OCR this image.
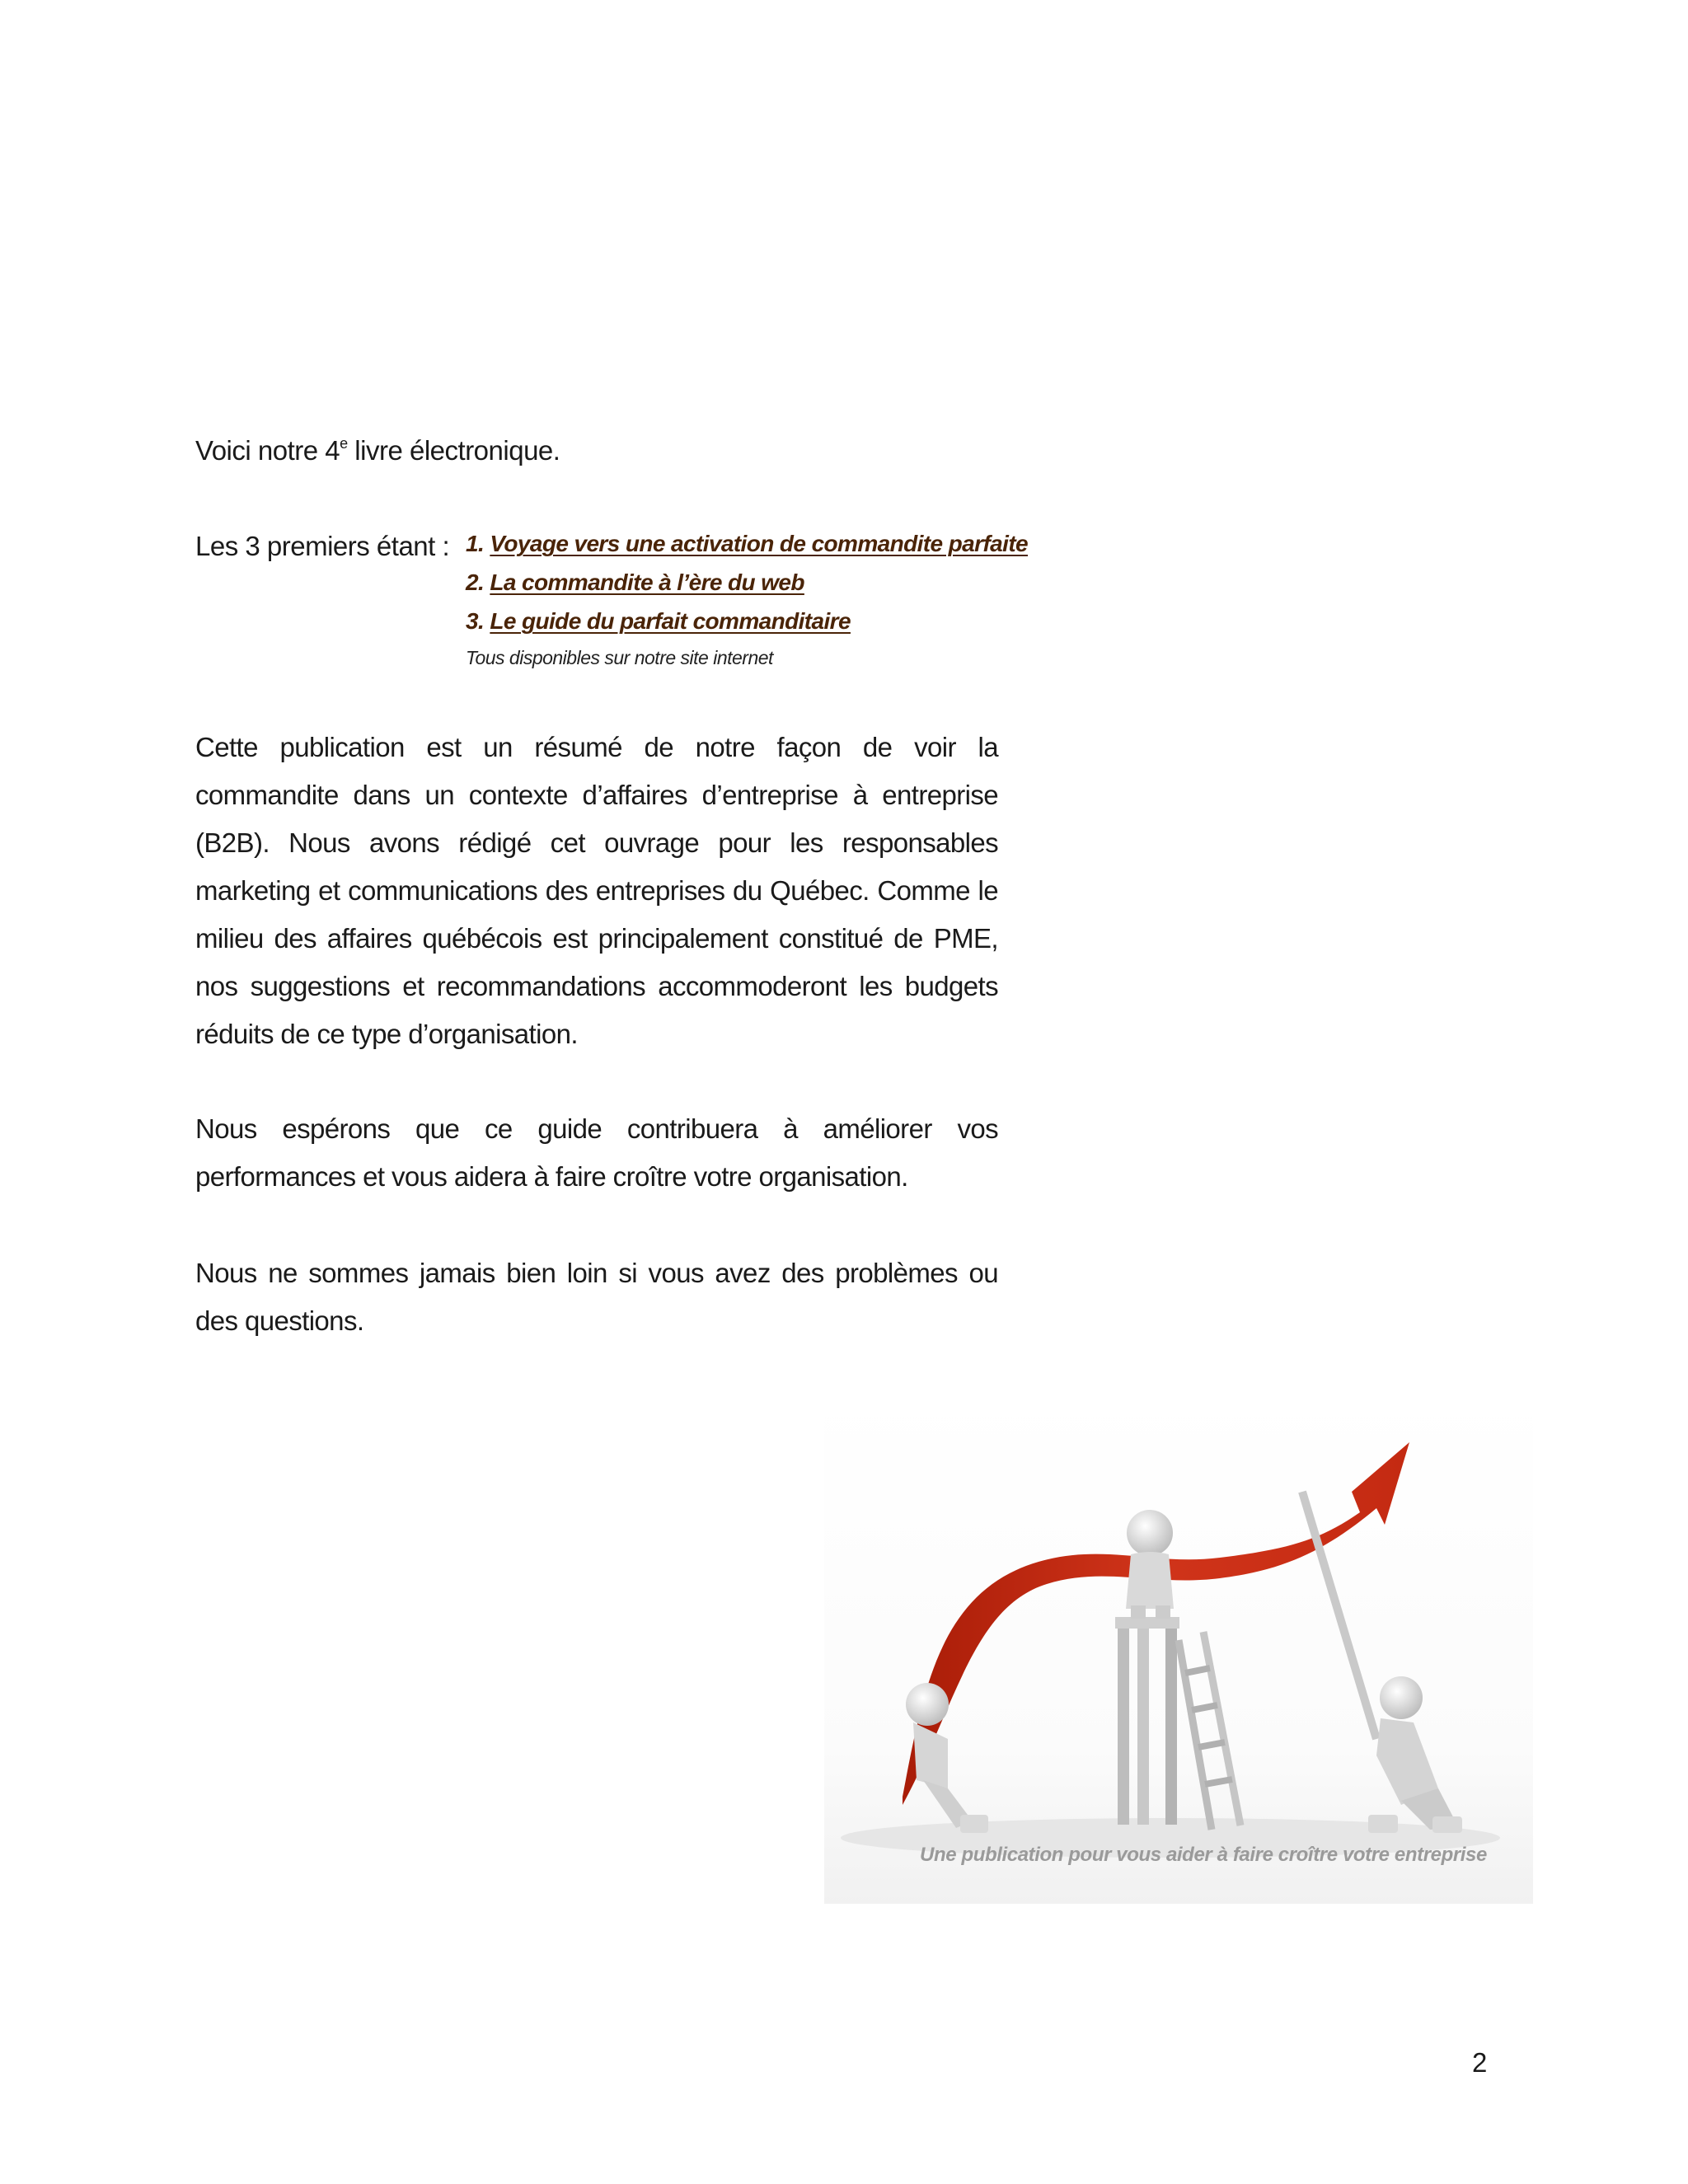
Voici notre 4e livre électronique.
Les 3 premiers étant : 1. Voyage vers une activation de commandite parfaite
2. La commandite à l’ère du web
3. Le guide du parfait commanditaire
Tous disponibles sur notre site internet

Cette publication est un résumé de notre façon de voir la commandite dans un contexte d’affaires d’entreprise à entreprise (B2B). Nous avons rédigé cet ouvrage pour les responsables marketing et communications des entreprises du Québec. Comme le milieu des affaires québécois est principalement constitué de PME, nos suggestions et recommandations accommoderont les budgets réduits de ce type d’organisation.

Nous espérons que ce guide contribuera à améliorer vos performances et vous aidera à faire croître votre organisation.

Nous ne sommes jamais bien loin si vous avez des problèmes ou des questions.

Une publication pour vous aider à faire croître votre entreprise
2
